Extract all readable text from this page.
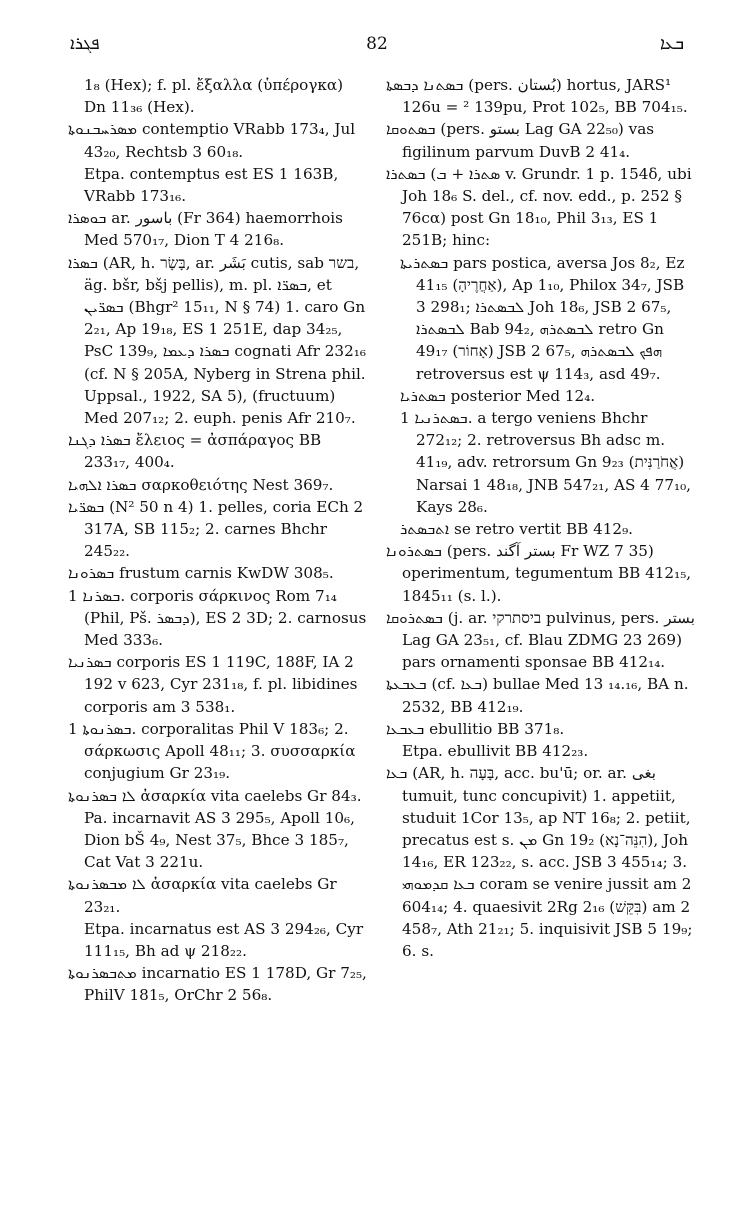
82
ܦܓܪܐ	ܒܥܐ
1₈ (Hex); f. pl. ἔξαλλα (ὑπέρογκα) Dn 11₃₆ (Hex).
ܡܣܪܚܒܢܘܬܐ contemptio VRabb 173₄, Jul 43₂₀, Rechtsb 3 60₁₈.
Etpa. contemptus est ES 1 163B, VRabb 173₁₆.
ܒܘܣܪܐ ar. باسور (Fr 364) haemorrhois Med 570₁₇, Dion T 4 216₈.
ܒܣܪܐ (AR, h. בָּשָׂר, ar. بَشَر cutis, sab בשר, äg. bšr, bšj pellis), m. pl. ܒܣܪ̈ܐ, et ܒܣܪ̈ܝܢ (Bhgr² 15₁₁, N § 74) 1. caro Gn 2₂₁, Ap 19₁₈, ES 1 251E, dap 34₂₅, PsC 139₉, ܒܣܪܐ ܕܥܡܐ cognati Afr 232₁₆ (cf. N § 205A, Nyberg in Strena phil. Uppsal., 1922, SA 5), (fructuum) Med 207₁₂; 2. euph. penis Afr 210₇.
ܒܣܪܐ ܕܓܢܐ ἔλειος = ἀσπάραγος BB 233₁₇, 400₄.
ܒܣܪܐ ܐܠܗܝܐ σαρκοθειότης Nest 369₇.
ܒܣܪ̈ܝܐ (N² 50 n 4) 1. pelles, coria ECh 2 317A, SB 115₂; 2. carnes Bhchr 245₂₂.
ܒܣܪܘܢܐ frustum carnis KwDW 308₅.
ܒܣܪܢܐ 1. corporis σάρκινος Rom 7₁₄ (Phil, Pš. ܕܒܣܪ), ES 2 3D; 2. carnosus Med 333₆.
ܒܣܪܢܝܐ corporis ES 1 119C, 188F, IA 2 192 v 623, Cyr 231₁₈, f. pl. libidines corporis am 3 538₁.
ܒܣܪܢܘܬܐ 1. corporalitas Phil V 183₆; 2. σάρκωσις Apoll 48₁₁; 3. συσσαρκία conjugium Gr 23₁₉.
ܠܐ ܒܣܪܢܘܬܐ ἀσαρκία vita caelebs Gr 84₃.
Pa. incarnavit AS 3 295₅, Apoll 10₆, Dion bŠ 4₉, Nest 37₅, Bhce 3 185₇, Cat Vat 3 221u.
ܠܐ ܡܒܣܪܢܘܬܐ ἀσαρκία vita caelebs Gr 23₂₁.
Etpa. incarnatus est AS 3 294₂₆, Cyr 111₁₅, Bh ad ψ 218₂₂.
ܡܬܒܣܪܢܘܬܐ incarnatio ES 1 178D, Gr 7₂₅, PhilV 181₅, OrChr 2 56₈.
ܒܣܬܢܐ ܕܒܣܬܐ (pers. بُستان) hortus, JARS¹ 126u = ² 139pu, Prot 102₅, BB 704₁₅.
ܒܣܬܘܩܐ (pers. بستو Lag GA 22₅₀) vas figilinum parvum DuvB 2 41₄.
ܒܣܬܪܐ (ܣܬܪܐ + ܒ v. Grundr. 1 p. 154δ, ubi Joh 18₆ S. del., cf. nov. edd., p. 252 § 76cα) post Gn 18₁₀, Phil 3₁₃, ES 1 251B; hinc:
ܒܣܬܪܝܬܐ pars postica, aversa Jos 8₂, Ez 41₁₅ (אַחֲרֶיהָ), Ap 1₁₀, Philox 34₇, JSB 3 298₁; ܠܒܣܬܪܐ Joh 18₆, JSB 2 67₅, ܠܒܣܬܪܐ Bab 94₂, ܠܒܣܬܪܗ retro Gn 49₁₇ (אָחוֹר) JSB 2 67₅, ܗܦܟ ܠܒܣܬܪܗ retroversus est ψ 114₃, asd 49₇.
ܒܣܬܪܝܐ posterior Med 12₄.
ܒܣܬܪܢܝܐ 1. a tergo veniens Bhchr 272₁₂; 2. retroversus Bh adsc m. 41₁₉, adv. retrorsum Gn 9₂₃ (אֲחֹרַנִּית) Narsai 1 48₁₈, JNB 547₂₁, AS 4 77₁₀, Kays 28₆.
ܐܬܒܣܬܪ se retro vertit BB 412₉.
ܒܣܬܪܘܢܐ (pers. بستر آگند Fr WZ 7 35) operimentum, tegumentum BB 412₁₅, 1845₁₁ (s. l.).
ܒܣܬܪܘܩܐ (j. ar. ביסתרקי pulvinus, pers. بستر Lag GA 23₅₁, cf. Blau ZDMG 23 269) pars ornamenti sponsae BB 412₁₄.
ܒܥܒܥܬܐ (cf. ܒܥܐ) bullae Med 13 ₁₄.₁₆, BA n. 2532, BB 412₁₉.
ܒܥܒܥܐ ebullitio BB 371₈.
Etpa. ebullivit BB 412₂₃.
ܒܥܐ (AR, h. בָּעָה, acc. bu'ū; or. ar. بغى tumuit, tunc concupivit) 1. appetiit, studuit 1Cor 13₅, ap NT 16₈; 2. petiit, precatus est s. ܡܢ Gn 19₂ (הִנֵּה־נָא), Joh 14₁₆, ER 123₂₂, s. acc. JSB 3 455₁₄; 3. ܒܥܐ ܩܕܡܘܗܝ coram se venire jussit am 2 604₁₄; 4. quaesivit 2Rg 2₁₆ (בִּקֵּשׁ) am 2 458₇, Ath 21₂₁; 5. inquisivit JSB 5 19₉; 6. s.
